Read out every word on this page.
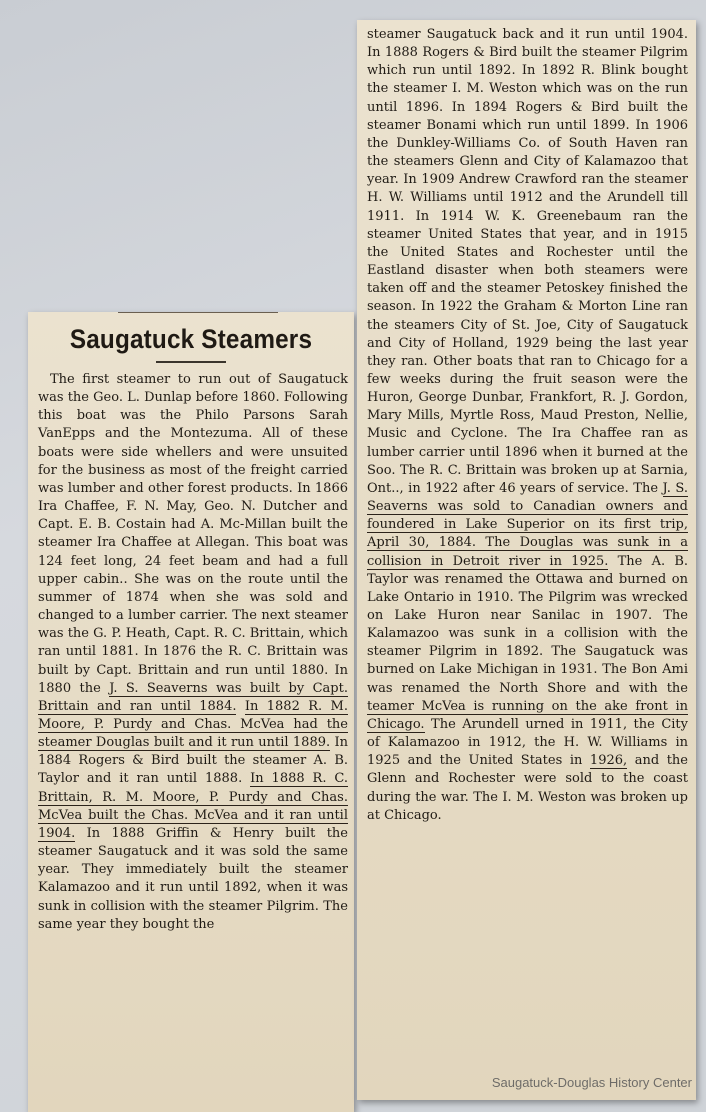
Saugatuck Steamers

The first steamer to run out of Saugatuck was the Geo. L. Dunlap before 1860. Following this boat was the Philo Parsons Sarah VanEpps and the Montezuma. All of these boats were side whellers and were unsuited for the business as most of the freight carried was lumber and other forest products. In 1866 Ira Chaffee, F. N. May, Geo. N. Dutcher and Capt. E. B. Costain had A. Mc-Millan built the steamer Ira Chaffee at Allegan. This boat was 124 feet long, 24 feet beam and had a full upper cabin.. She was on the route until the summer of 1874 when she was sold and changed to a lumber carrier. The next steamer was the G. P. Heath, Capt. R. C. Brittain, which ran until 1881. In 1876 the R. C. Brittain was built by Capt. Brittain and run until 1880. In 1880 the J. S. Seaverns was built by Capt. Brittain and ran until 1884. In 1882 R. M. Moore, P. Purdy and Chas. McVea had the steamer Douglas built and it run until 1889. In 1884 Rogers & Bird built the steamer A. B. Taylor and it ran until 1888. In 1888 R. C. Brittain, R. M. Moore, P. Purdy and Chas. McVea built the Chas. McVea and it ran until 1904. In 1888 Griffin & Henry built the steamer Saugatuck and it was sold the same year. They immediately built the steamer Kalamazoo and it run until 1892, when it was sunk in collision with the steamer Pilgrim. The same year they bought the

steamer Saugatuck back and it run until 1904. In 1888 Rogers & Bird built the steamer Pilgrim which run until 1892. In 1892 R. Blink bought the steamer I. M. Weston which was on the run until 1896. In 1894 Rogers & Bird built the steamer Bonami which run until 1899. In 1906 the Dunkley-Williams Co. of South Haven ran the steamers Glenn and City of Kalamazoo that year. In 1909 Andrew Crawford ran the steamer H. W. Williams until 1912 and the Arundell till 1911. In 1914 W. K. Greenebaum ran the steamer United States that year, and in 1915 the United States and Rochester until the Eastland disaster when both steamers were taken off and the steamer Petoskey finished the season. In 1922 the Graham & Morton Line ran the steamers City of St. Joe, City of Saugatuck and City of Holland, 1929 being the last year they ran. Other boats that ran to Chicago for a few weeks during the fruit season were the Huron, George Dunbar, Frankfort, R. J. Gordon, Mary Mills, Myrtle Ross, Maud Preston, Nellie, Music and Cyclone. The Ira Chaffee ran as lumber carrier until 1896 when it burned at the Soo. The R. C. Brittain was broken up at Sarnia, Ont.., in 1922 after 46 years of service. The J. S. Seaverns was sold to Canadian owners and foundered in Lake Superior on its first trip, April 30, 1884. The Douglas was sunk in a collision in Detroit river in 1925. The A. B. Taylor was renamed the Ottawa and burned on Lake Ontario in 1910. The Pilgrim was wrecked on Lake Huron near Sanilac in 1907. The Kalamazoo was sunk in a collision with the steamer Pilgrim in 1892. The Saugatuck was burned on Lake Michigan in 1931. The Bon Ami was renamed the North Shore and with the teamer McVea is running on the ake front in Chicago. The Arundell urned in 1911, the City of Kalamazoo in 1912, the H. W. Williams in 1925 and the United States in 1926, and the Glenn and Rochester were sold to the coast during the war. The I. M. Weston was broken up at Chicago.

Saugatuck-Douglas History Center
